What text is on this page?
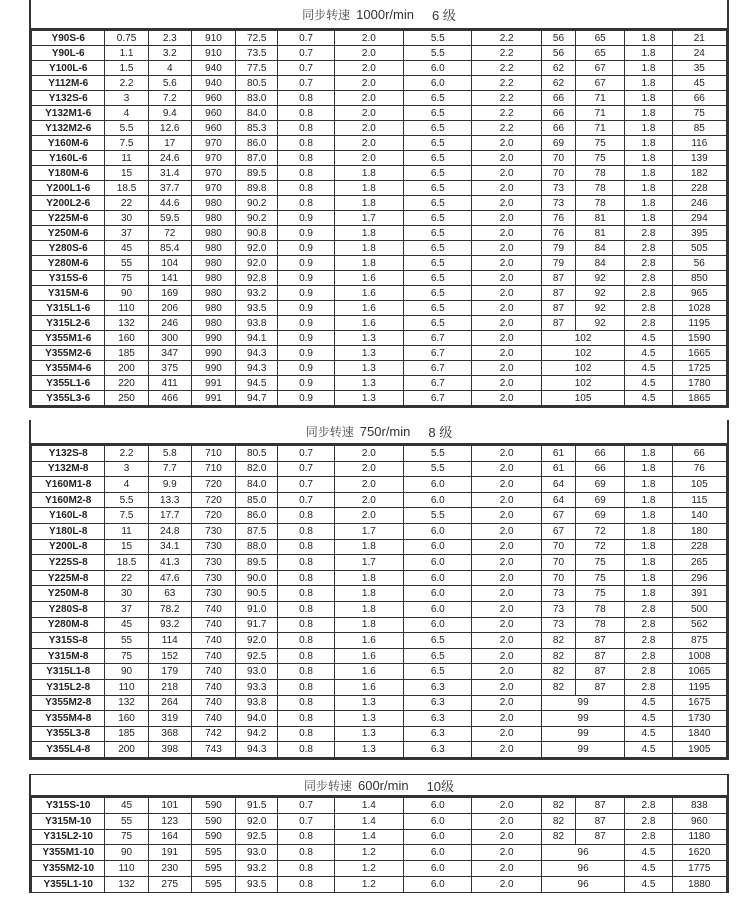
同步转速 1000r/min 6 级
Y90S-6	0.75	2.3	910	72.5	0.7	2.0	5.5	2.2	56	65	1.8	21
Y90L-6	1.1	3.2	910	73.5	0.7	2.0	5.5	2.2	56	65	1.8	24
Y100L-6	1.5	4	940	77.5	0.7	2.0	6.0	2.2	62	67	1.8	35
Y112M-6	2.2	5.6	940	80.5	0.7	2.0	6.0	2.2	62	67	1.8	45
Y132S-6	3	7.2	960	83.0	0.8	2.0	6.5	2.2	66	71	1.8	66
Y132M1-6	4	9.4	960	84.0	0.8	2.0	6.5	2.2	66	71	1.8	75
Y132M2-6	5.5	12.6	960	85.3	0.8	2.0	6.5	2.2	66	71	1.8	85
Y160M-6	7.5	17	970	86.0	0.8	2.0	6.5	2.0	69	75	1.8	116
Y160L-6	11	24.6	970	87.0	0.8	2.0	6.5	2.0	70	75	1.8	139
Y180M-6	15	31.4	970	89.5	0.8	1.8	6.5	2.0	70	78	1.8	182
Y200L1-6	18.5	37.7	970	89.8	0.8	1.8	6.5	2.0	73	78	1.8	228
Y200L2-6	22	44.6	980	90.2	0.8	1.8	6.5	2.0	73	78	1.8	246
Y225M-6	30	59.5	980	90.2	0.9	1.7	6.5	2.0	76	81	1.8	294
Y250M-6	37	72	980	90.8	0.9	1.8	6.5	2.0	76	81	2.8	395
Y280S-6	45	85.4	980	92.0	0.9	1.8	6.5	2.0	79	84	2.8	505
Y280M-6	55	104	980	92.0	0.9	1.8	6.5	2.0	79	84	2.8	56
Y315S-6	75	141	980	92.8	0.9	1.6	6.5	2.0	87	92	2.8	850
Y315M-6	90	169	980	93.2	0.9	1.6	6.5	2.0	87	92	2.8	965
Y315L1-6	110	206	980	93.5	0.9	1.6	6.5	2.0	87	92	2.8	1028
Y315L2-6	132	246	980	93.8	0.9	1.6	6.5	2.0	87	92	2.8	1195
Y355M1-6	160	300	990	94.1	0.9	1.3	6.7	2.0	102		4.5	1590
Y355M2-6	185	347	990	94.3	0.9	1.3	6.7	2.0	102		4.5	1665
Y355M4-6	200	375	990	94.3	0.9	1.3	6.7	2.0	102		4.5	1725
Y355L1-6	220	411	991	94.5	0.9	1.3	6.7	2.0	102		4.5	1780
Y355L3-6	250	466	991	94.7	0.9	1.3	6.7	2.0	105		4.5	1865
同步转速 750r/min 8 级
Y132S-8	2.2	5.8	710	80.5	0.7	2.0	5.5	2.0	61	66	1.8	66
Y132M-8	3	7.7	710	82.0	0.7	2.0	5.5	2.0	61	66	1.8	76
Y160M1-8	4	9.9	720	84.0	0.7	2.0	6.0	2.0	64	69	1.8	105
Y160M2-8	5.5	13.3	720	85.0	0.7	2.0	6.0	2.0	64	69	1.8	115
Y160L-8	7.5	17.7	720	86.0	0.8	2.0	5.5	2.0	67	69	1.8	140
Y180L-8	11	24.8	730	87.5	0.8	1.7	6.0	2.0	67	72	1.8	180
Y200L-8	15	34.1	730	88.0	0.8	1.8	6.0	2.0	70	72	1.8	228
Y225S-8	18.5	41.3	730	89.5	0.8	1.7	6.0	2.0	70	75	1.8	265
Y225M-8	22	47.6	730	90.0	0.8	1.8	6.0	2.0	70	75	1.8	296
Y250M-8	30	63	730	90.5	0.8	1.8	6.0	2.0	73	75	1.8	391
Y280S-8	37	78.2	740	91.0	0.8	1.8	6.0	2.0	73	78	2.8	500
Y280M-8	45	93.2	740	91.7	0.8	1.8	6.0	2.0	73	78	2.8	562
Y315S-8	55	114	740	92.0	0.8	1.6	6.5	2.0	82	87	2.8	875
Y315M-8	75	152	740	92.5	0.8	1.6	6.5	2.0	82	87	2.8	1008
Y315L1-8	90	179	740	93.0	0.8	1.6	6.5	2.0	82	87	2.8	1065
Y315L2-8	110	218	740	93.3	0.8	1.6	6.3	2.0	82	87	2.8	1195
Y355M2-8	132	264	740	93.8	0.8	1.3	6.3	2.0	99		4.5	1675
Y355M4-8	160	319	740	94.0	0.8	1.3	6.3	2.0	99		4.5	1730
Y355L3-8	185	368	742	94.2	0.8	1.3	6.3	2.0	99		4.5	1840
Y355L4-8	200	398	743	94.3	0.8	1.3	6.3	2.0	99		4.5	1905
同步转速 600r/min 10级
Y315S-10	45	101	590	91.5	0.7	1.4	6.0	2.0	82	87	2.8	838
Y315M-10	55	123	590	92.0	0.7	1.4	6.0	2.0	82	87	2.8	960
Y315L2-10	75	164	590	92.5	0.8	1.4	6.0	2.0	82	87	2.8	1180
Y355M1-10	90	191	595	93.0	0.8	1.2	6.0	2.0	96		4.5	1620
Y355M2-10	110	230	595	93.2	0.8	1.2	6.0	2.0	96		4.5	1775
Y355L1-10	132	275	595	93.5	0.8	1.2	6.0	2.0	96		4.5	1880
